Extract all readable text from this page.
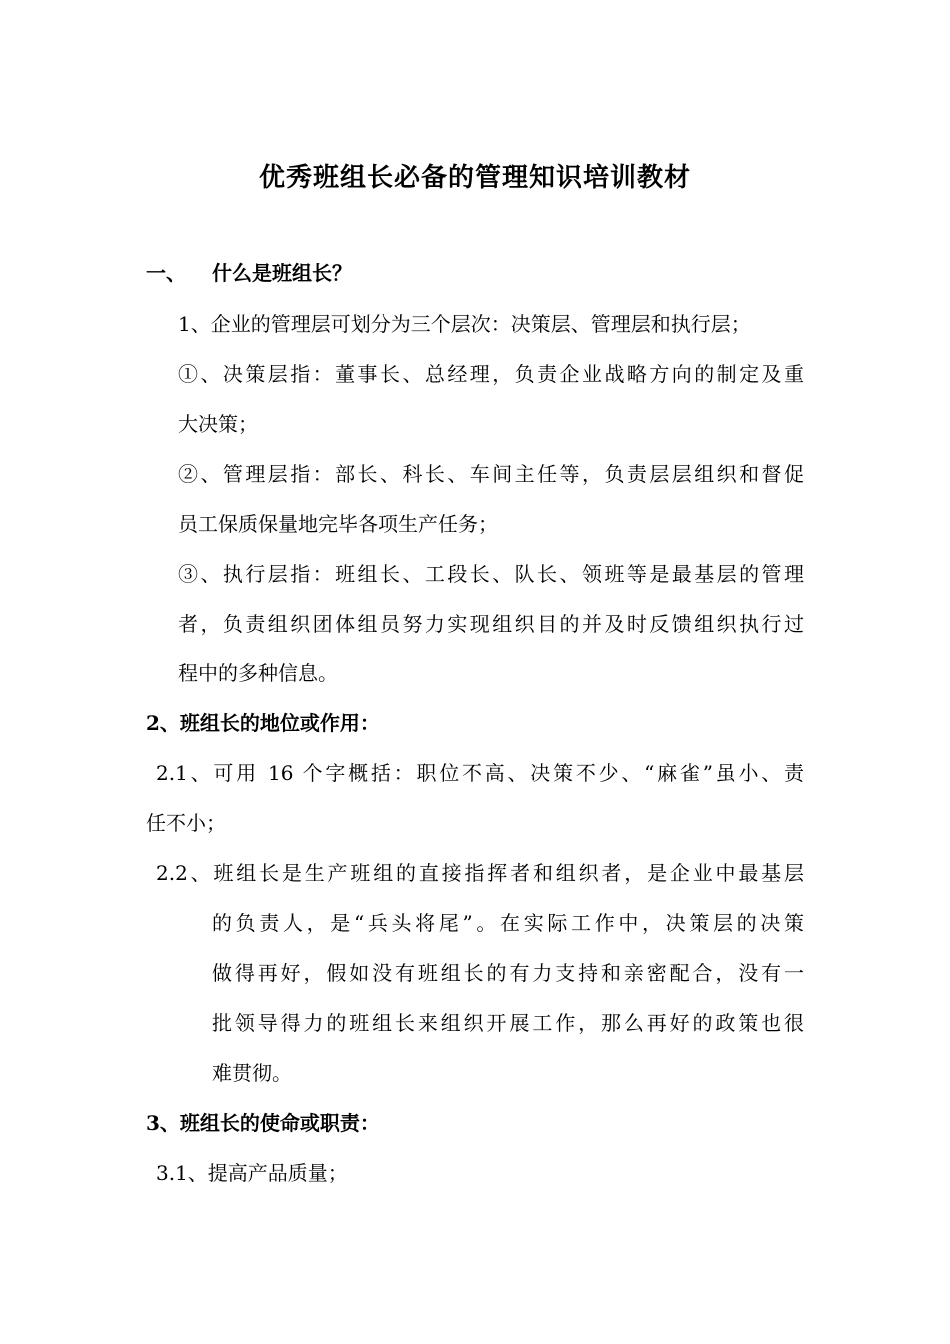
优秀班组长必备的管理知识培训教材
一、 什么是班组长？
1、企业的管理层可划分为三个层次：决策层、管理层和执行层；
①、决策层指：董事长、总经理，负责企业战略方向的制定及重
大决策；
②、管理层指：部长、科长、车间主任等，负责层层组织和督促
员工保质保量地完毕各项生产任务；
③、执行层指：班组长、工段长、队长、领班等是最基层的管理
者，负责组织团体组员努力实现组织目的并及时反馈组织执行过
程中的多种信息。
2、班组长的地位或作用：
2.1、可用 16 个字概括：职位不高、决策不少、“麻雀”虽小、责
任不小；
2.2、班组长是生产班组的直接指挥者和组织者，是企业中最基层
的负责人，是“兵头将尾”。在实际工作中，决策层的决策
做得再好，假如没有班组长的有力支持和亲密配合，没有一
批领导得力的班组长来组织开展工作，那么再好的政策也很
难贯彻。
3、班组长的使命或职责：
3.1、提高产品质量；
